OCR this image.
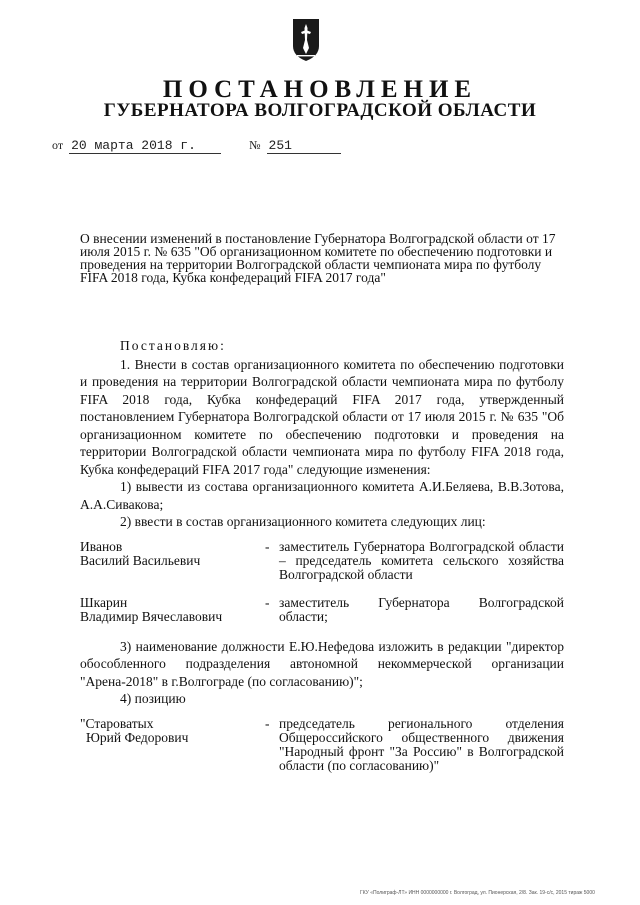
ПОСТАНОВЛЕНИЕ
ГУБЕРНАТОРА ВОЛГОГРАДСКОЙ ОБЛАСТИ
от 20 марта 2018 г.	№ 251
О внесении изменений в постановление Губернатора Волгоградской области от 17 июля 2015 г. № 635 "Об организационном комитете по обеспечению подготовки и проведения на территории Волгоградской области чемпионата мира по футболу FIFA 2018 года, Кубка конфедераций FIFA 2017 года"
Постановляю:

1. Внести в состав организационного комитета по обеспечению подготовки и проведения на территории Волгоградской области чемпионата мира по футболу FIFA 2018 года, Кубка конфедераций FIFA 2017 года, утвержденный постановлением Губернатора Волгоградской области от 17 июля 2015 г. № 635 "Об организационном комитете по обеспечению подготовки и проведения на территории Волгоградской области чемпионата мира по футболу FIFA 2018 года, Кубка конфедераций FIFA 2017 года" следующие изменения:

1) вывести из состава организационного комитета А.И.Беляева, В.В.Зотова, А.А.Сивакова;

2) ввести в состав организационного комитета следующих лиц:

Иванов
Василий Васильевич
- заместитель Губернатора Волгоградской области – председатель комитета сельского хозяйства Волгоградской области
Шкарин
Владимир Вячеславович
- заместитель Губернатора Волгоградской области;

3) наименование должности Е.Ю.Нефедова изложить в редакции "директор обособленного подразделения автономной некоммерческой организации "Арена-2018" в г.Волгограде (по согласованию)";

4) позицию

"Староватых
Юрий Федорович
- председатель регионального отделения Общероссийского общественного движения "Народный фронт "За Россию" в Волгоградской области (по согласованию)"
ГКУ «Полиграф-ЛТ» ИНН 0000000000 г. Волгоград, ул. Пионерская, 2/8. Зак. 19-с/с, 2015 тираж 5000
